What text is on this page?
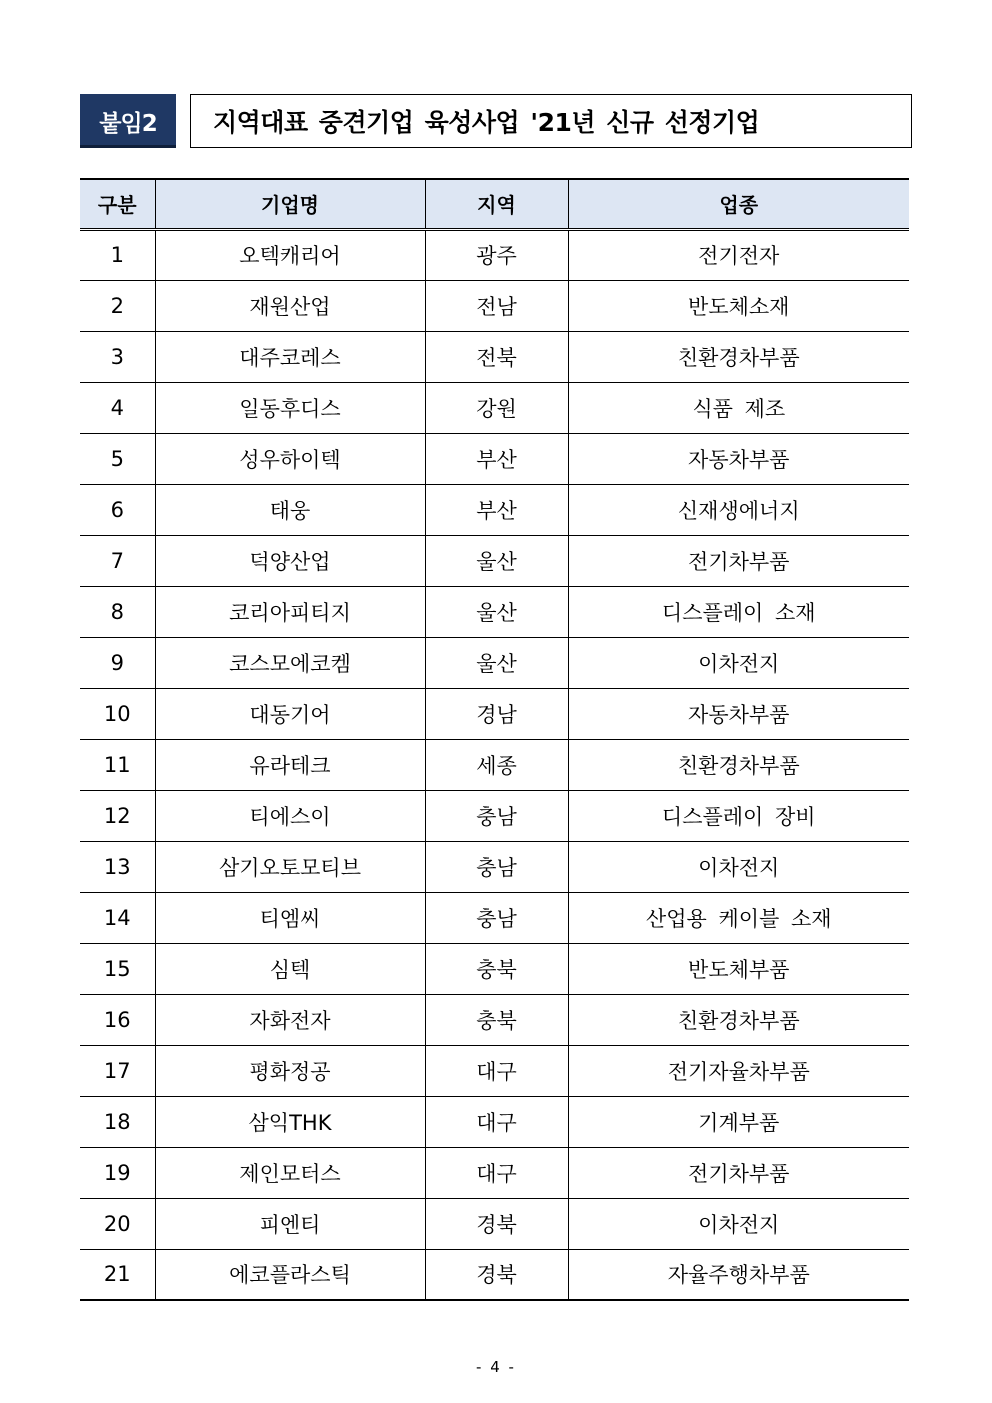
붙임2	지역대표 중견기업 육성사업 '21년 신규 선정기업
구분	기업명	지역	업종
1	오텍캐리어	광주	전기전자
2	재원산업	전남	반도체소재
3	대주코레스	전북	친환경차부품
4	일동후디스	강원	식품 제조
5	성우하이텍	부산	자동차부품
6	태웅	부산	신재생에너지
7	덕양산업	울산	전기차부품
8	코리아피티지	울산	디스플레이 소재
9	코스모에코켐	울산	이차전지
10	대동기어	경남	자동차부품
11	유라테크	세종	친환경차부품
12	티에스이	충남	디스플레이 장비
13	삼기오토모티브	충남	이차전지
14	티엠씨	충남	산업용 케이블 소재
15	심텍	충북	반도체부품
16	자화전자	충북	친환경차부품
17	평화정공	대구	전기자율차부품
18	삼익THK	대구	기계부품
19	제인모터스	대구	전기차부품
20	피엔티	경북	이차전지
21	에코플라스틱	경북	자율주행차부품
- 4 -
